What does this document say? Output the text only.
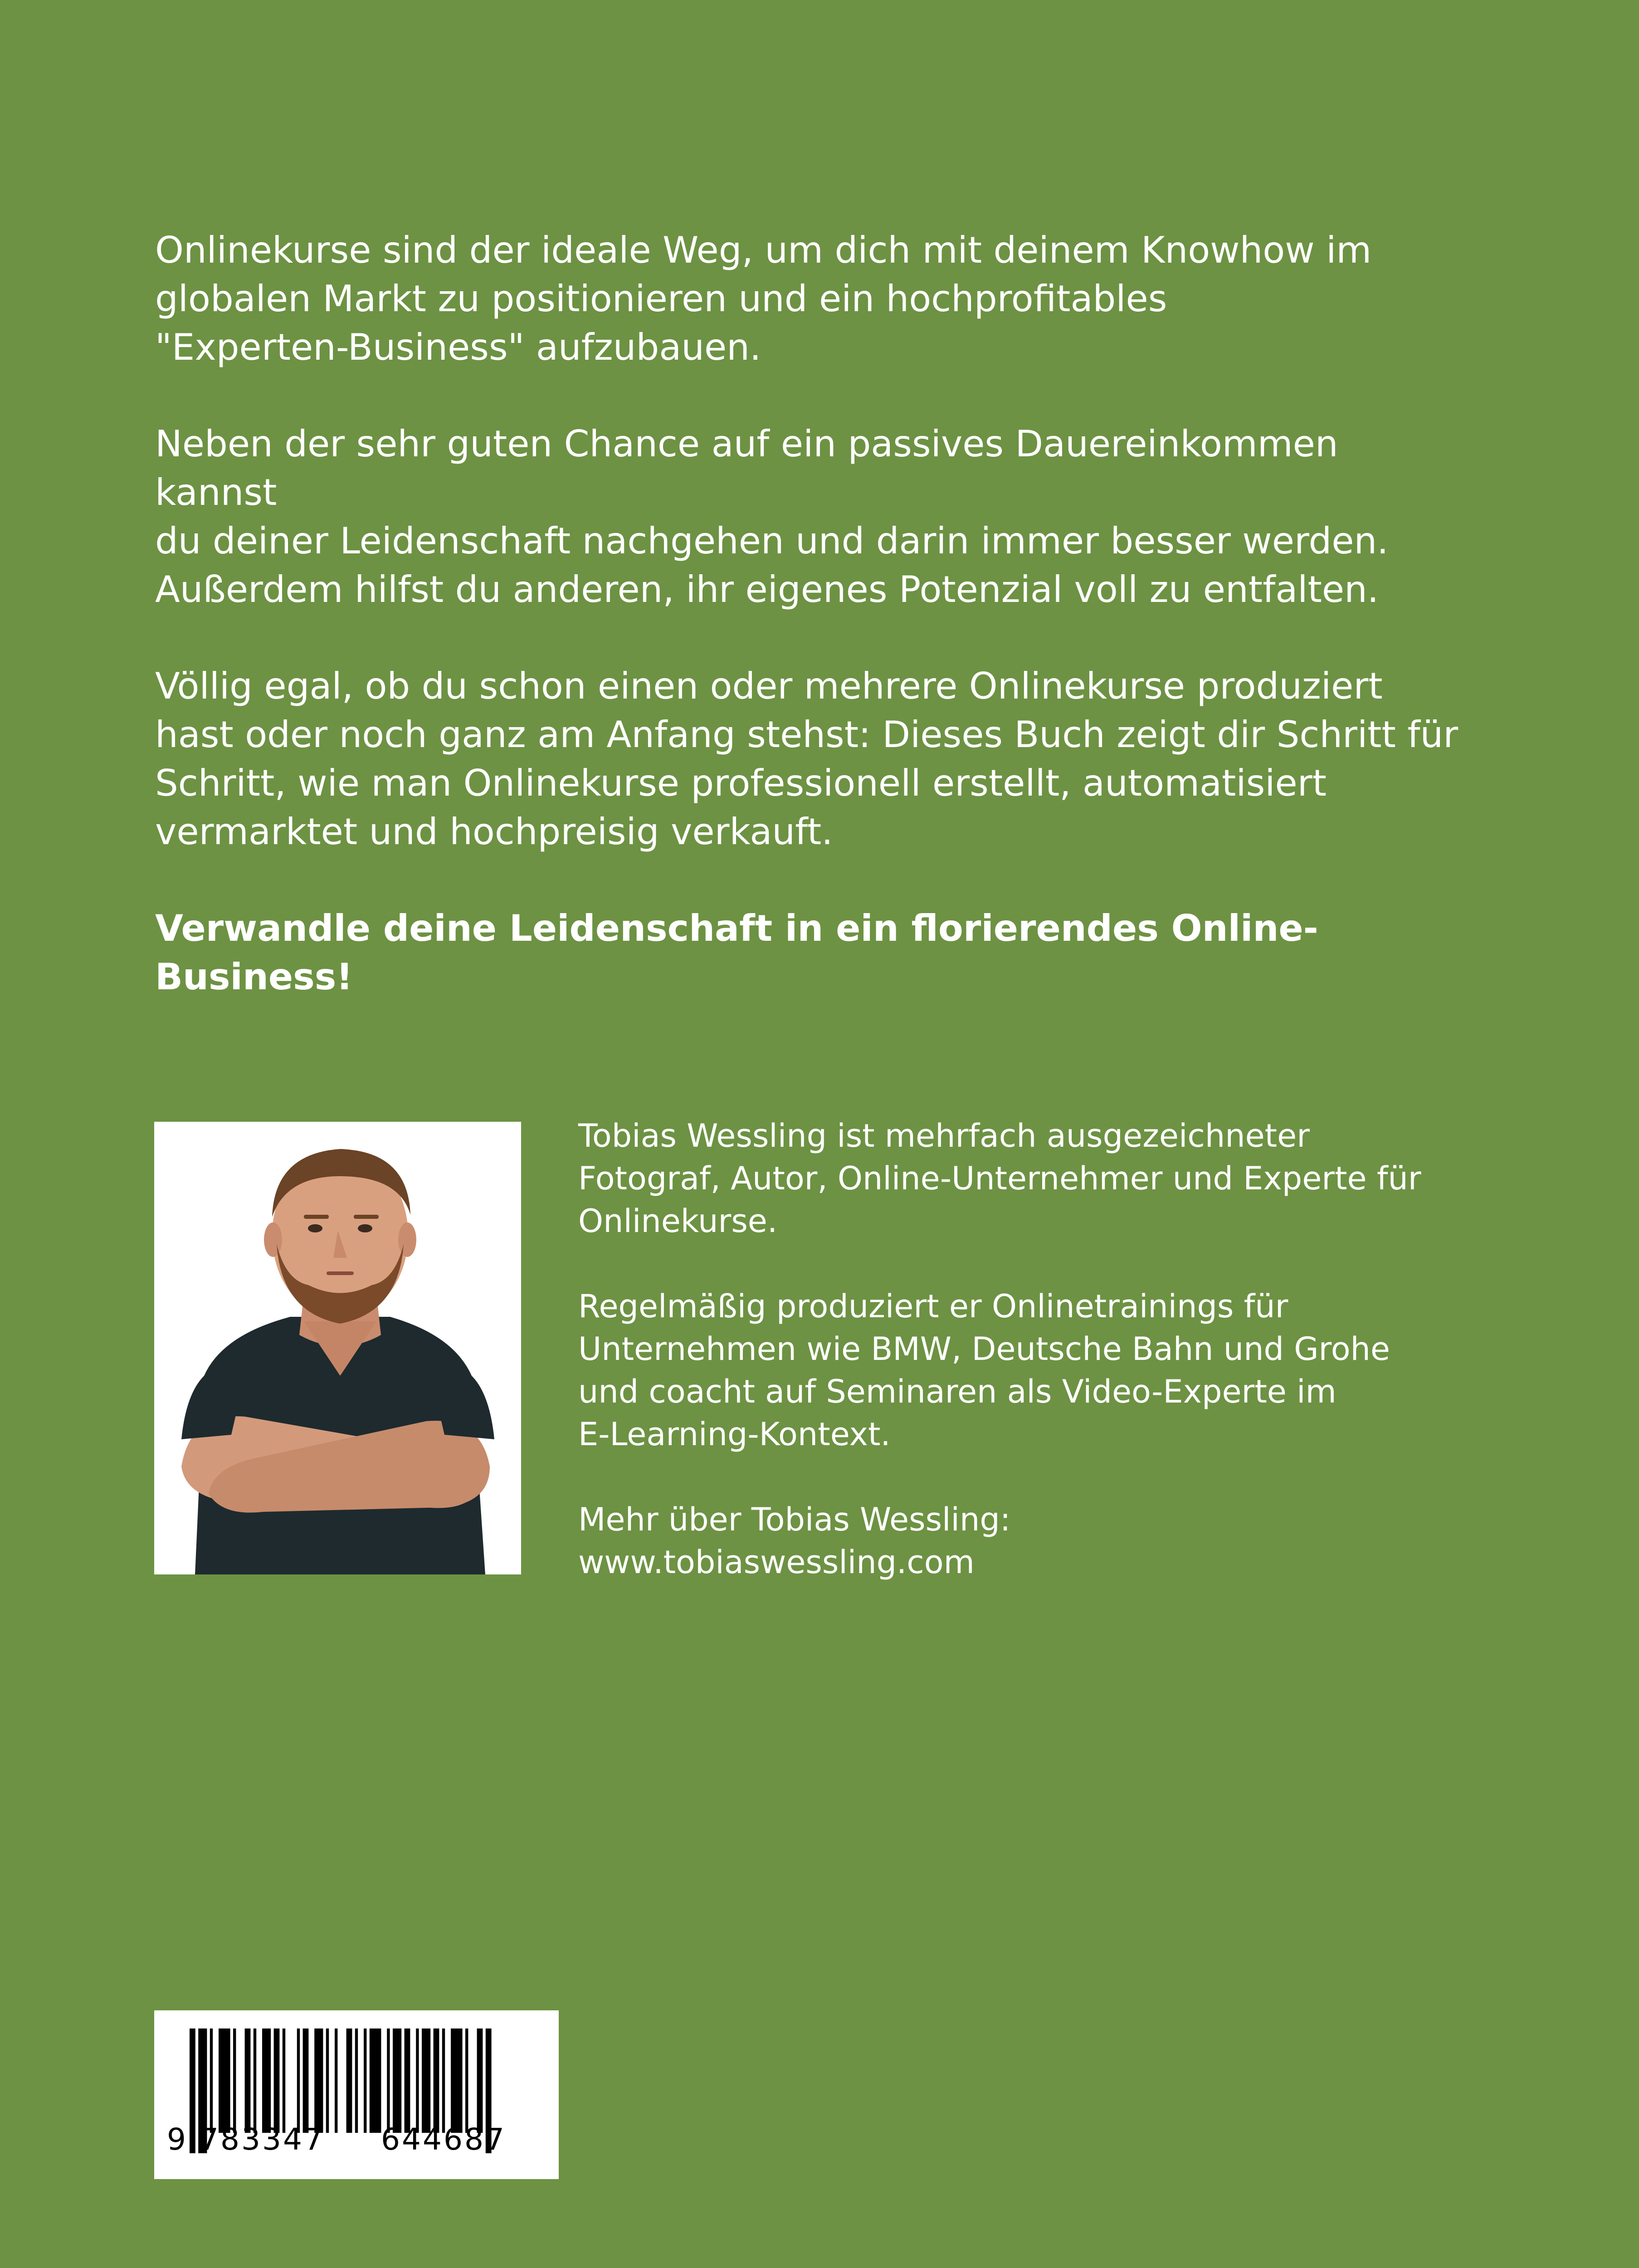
Onlinekurse sind der ideale Weg, um dich mit deinem Knowhow im
globalen Markt zu positionieren und ein hochprofitables
"Experten-Business" aufzubauen.

Neben der sehr guten Chance auf ein passives Dauereinkommen kannst
du deiner Leidenschaft nachgehen und darin immer besser werden.
Außerdem hilfst du anderen, ihr eigenes Potenzial voll zu entfalten.

Völlig egal, ob du schon einen oder mehrere Onlinekurse produziert
hast oder noch ganz am Anfang stehst: Dieses Buch zeigt dir Schritt für
Schritt, wie man Onlinekurse professionell erstellt, automatisiert
vermarktet und hochpreisig verkauft.

Verwandle deine Leidenschaft in ein florierendes Online-Business!

Tobias Wessling ist mehrfach ausgezeichneter
Fotograf, Autor, Online-Unternehmer und Experte für
Onlinekurse.

Regelmäßig produziert er Onlinetrainings für
Unternehmen wie BMW, Deutsche Bahn und Grohe
und coacht auf Seminaren als Video-Experte im
E-Learning-Kontext.

Mehr über Tobias Wessling:
www.tobiaswessling.com

9 783347 644687
